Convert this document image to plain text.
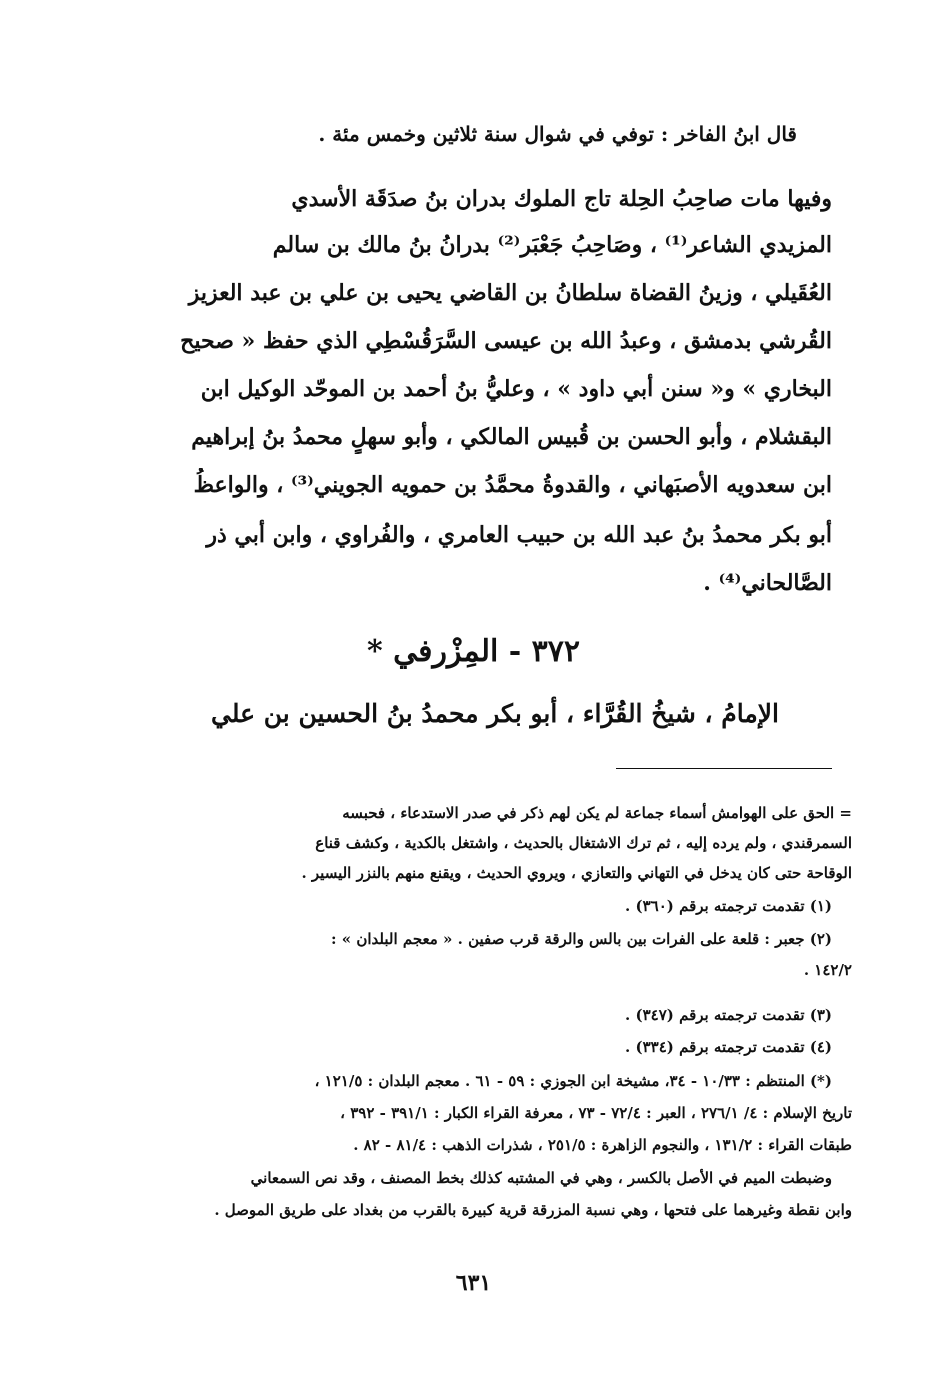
قال ابنُ الفاخر : توفي في شوال سنة ثلاثين وخمس مئة .
وفيها مات صاحِبُ الحِلة تاج الملوك بدران بنُ صدَقَة الأسدي
المزيدي الشاعر⁽¹⁾ ، وصَاحِبُ جَعْبَر⁽²⁾ بدرانُ بنُ مالك بن سالم
العُقَيلي ، وزينُ القضاة سلطانُ بن القاضي يحيى بن علي بن عبد العزيز
القُرشي بدمشق ، وعبدُ الله بن عيسى السَّرَقُسْطِي الذي حفظ « صحيح
البخاري » و« سنن أبي داود » ، وعليُّ بنُ أحمد بن الموحّد الوكيل ابن
البقشلام ، وأبو الحسن بن قُبيس المالكي ، وأبو سهلٍ محمدُ بنُ إبراهيم
ابن سعدويه الأصبَهاني ، والقدوةُ محمَّدُ بن حمويه الجويني⁽³⁾ ، والواعظُ
أبو بكر محمدُ بنُ عبد الله بن حبيب العامري ، والفُراوي ، وابن أبي ذر
الصَّالحاني⁽⁴⁾ .
٣٧٢ - المِزْرفي *
الإمامُ ، شيخُ القُرَّاء ، أبو بكر محمدُ بنُ الحسين بن علي
= الحق على الهوامش أسماء جماعة لم يكن لهم ذكر في صدر الاستدعاء ، فحبسه
السمرقندي ، ولم يرده إليه ، ثم ترك الاشتغال بالحديث ، واشتغل بالكدية ، وكشف قناع
الوقاحة حتى كان يدخل في التهاني والتعازي ، ويروي الحديث ، ويقنع منهم بالنزر اليسير .
(١) تقدمت ترجمته برقم (٣٦٠) .
(٢) جعبر : قلعة على الفرات بين بالس والرقة قرب صفين . « معجم البلدان » :
١٤٢/٢ .
(٣) تقدمت ترجمته برقم (٣٤٧) .
(٤) تقدمت ترجمته برقم (٣٣٤) .
(*) المنتظم : ١٠/٣٣ - ٣٤، مشيخة ابن الجوزي : ٥٩ - ٦١ . معجم البلدان : ١٢١/٥ ،
تاريخ الإسلام : ٤/ ٢٧٦/١ ، العبر : ٧٢/٤ - ٧٣ ، معرفة القراء الكبار : ٣٩١/١ - ٣٩٢ ،
طبقات القراء : ١٣١/٢ ، والنجوم الزاهرة : ٢٥١/٥ ، شذرات الذهب : ٨١/٤ - ٨٢ .
وضبطت الميم في الأصل بالكسر ، وهي في المشتبه كذلك بخط المصنف ، وقد نص السمعاني
وابن نقطة وغيرهما على فتحها ، وهي نسبة المزرقة قرية كبيرة بالقرب من بغداد على طريق الموصل .
٦٣١
